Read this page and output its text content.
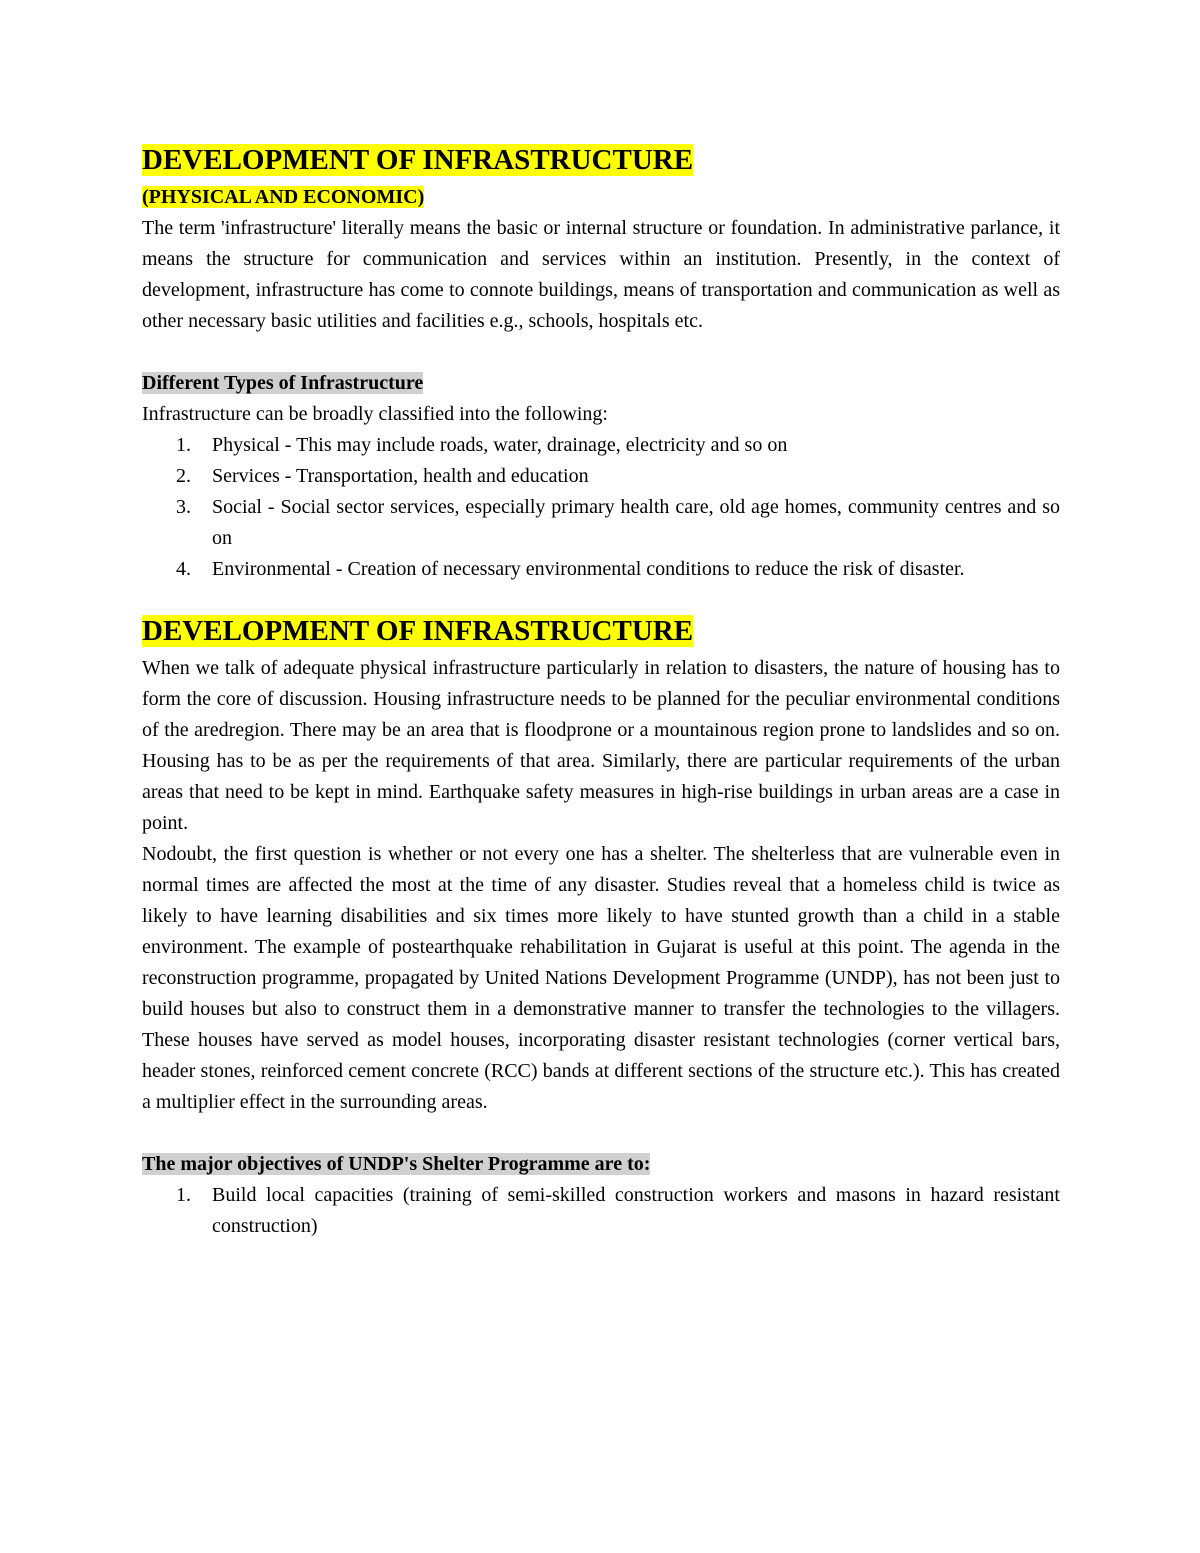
DEVELOPMENT OF INFRASTRUCTURE
(PHYSICAL AND ECONOMIC)

The term 'infrastructure' literally means the basic or internal structure or foundation. In administrative parlance, it means the structure for communication and services within an institution. Presently, in the context of development, infrastructure has come to connote buildings, means of transportation and communication as well as other necessary basic utilities and facilities e.g., schools, hospitals etc.

Different Types of Infrastructure

Infrastructure can be broadly classified into the following:

1. Physical - This may include roads, water, drainage, electricity and so on
2. Services - Transportation, health and education
3. Social - Social sector services, especially primary health care, old age homes, community centres and so on
4. Environmental - Creation of necessary environmental conditions to reduce the risk of disaster.
DEVELOPMENT OF INFRASTRUCTURE

When we talk of adequate physical infrastructure particularly in relation to disasters, the nature of housing has to form the core of discussion. Housing infrastructure needs to be planned for the peculiar environmental conditions of the aredregion. There may be an area that is floodprone or a mountainous region prone to landslides and so on. Housing has to be as per the requirements of that area. Similarly, there are particular requirements of the urban areas that need to be kept in mind. Earthquake safety measures in high-rise buildings in urban areas are a case in point.

Nodoubt, the first question is whether or not every one has a shelter. The shelterless that are vulnerable even in normal times are affected the most at the time of any disaster. Studies reveal that a homeless child is twice as likely to have learning disabilities and six times more likely to have stunted growth than a child in a stable environment. The example of postearthquake rehabilitation in Gujarat is useful at this point. The agenda in the reconstruction programme, propagated by United Nations Development Programme (UNDP), has not been just to build houses but also to construct them in a demonstrative manner to transfer the technologies to the villagers. These houses have served as model houses, incorporating disaster resistant technologies (corner vertical bars, header stones, reinforced cement concrete (RCC) bands at different sections of the structure etc.). This has created a multiplier effect in the surrounding areas.

The major objectives of UNDP's Shelter Programme are to:
1. Build local capacities (training of semi-skilled construction workers and masons in hazard resistant construction)
